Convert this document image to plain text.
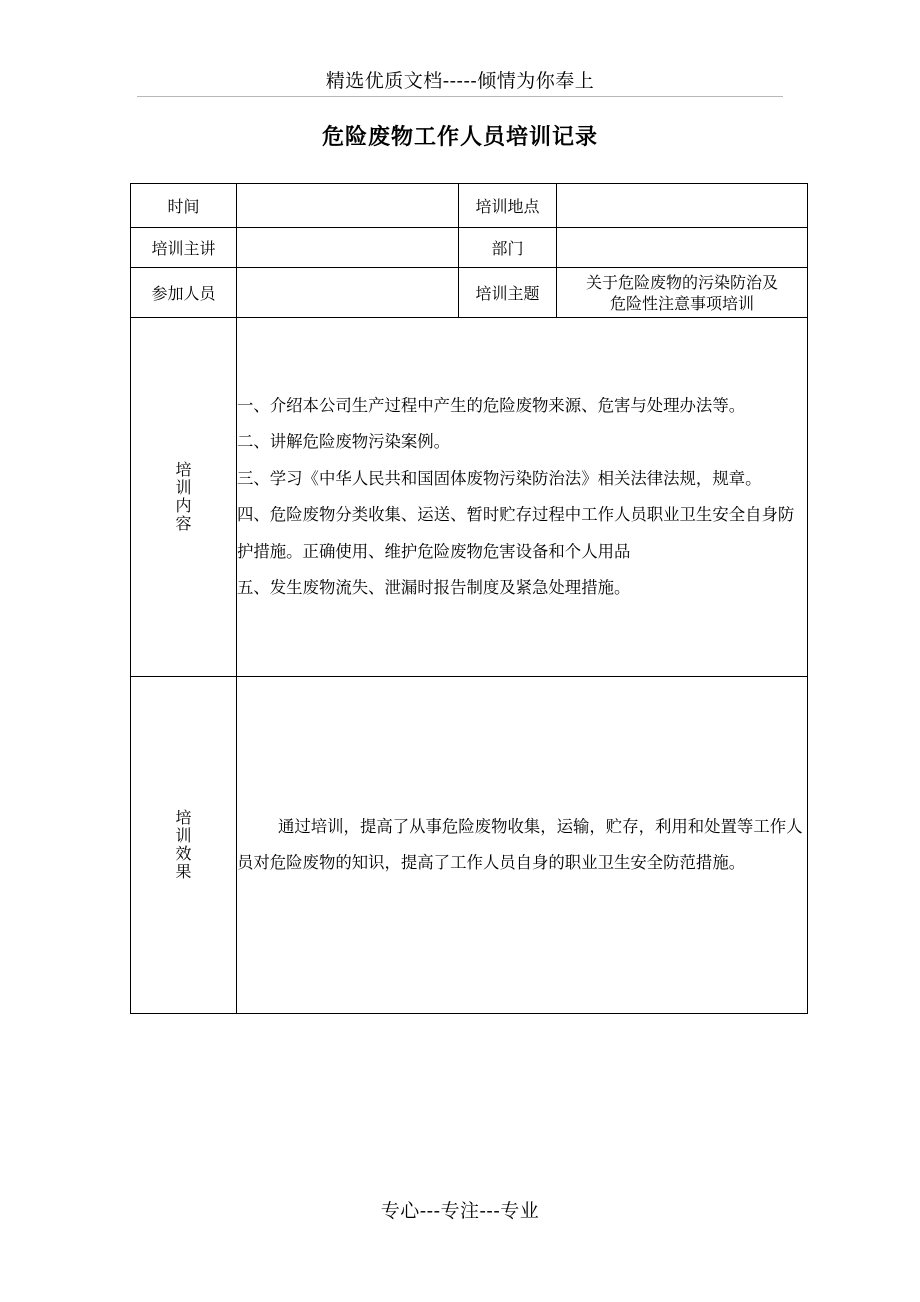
精选优质文档-----倾情为你奉上
危险废物工作人员培训记录
时间		培训地点	
培训主讲		部门	
参加人员		培训主题	关于危险废物的污染防治及危险性注意事项培训

培训内容	一、介绍本公司生产过程中产生的危险废物来源、危害与处理办法等。

二、讲解危险废物污染案例。

三、学习《中华人民共和国固体废物污染防治法》相关法律法规，规章。

四、危险废物分类收集、运送、暂时贮存过程中工作人员职业卫生安全自身防护措施。正确使用、维护危险废物危害设备和个人用品

五、发生废物流失、泄漏时报告制度及紧急处理措施。		

培训效果	通过培训，提高了从事危险废物收集，运输，贮存，利用和处置等工作人员对危险废物的知识，提高了工作人员自身的职业卫生安全防范措施。		

专心---专注---专业
